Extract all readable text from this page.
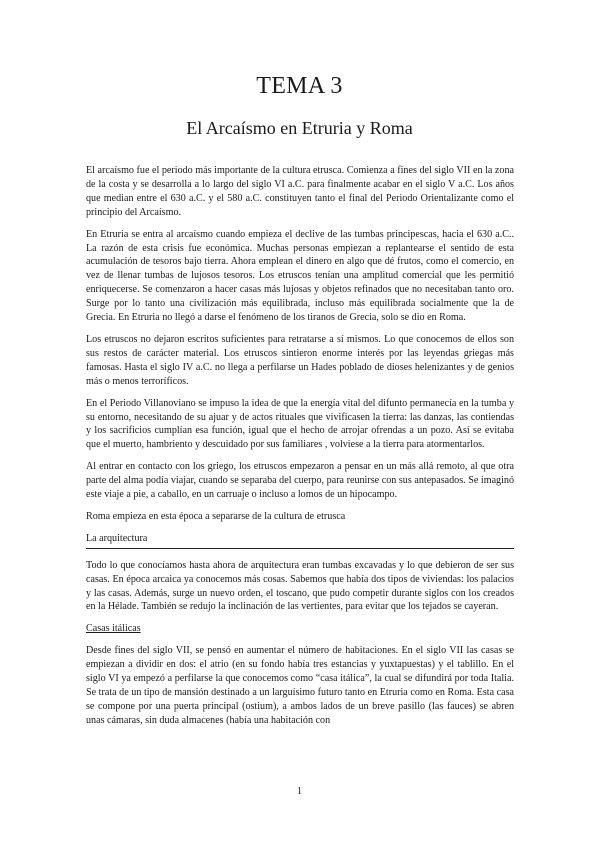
TEMA 3
El Arcaísmo en Etruria y Roma

El arcaísmo fue el periodo más importante de la cultura etrusca. Comienza a fines del siglo VII en la zona de la costa y se desarrolla a lo largo del siglo VI a.C. para finalmente acabar en el siglo V a.C. Los años que median entre el 630 a.C. y el 580 a.C. constituyen tanto el final del Periodo Orientalizante como el principio del Arcaísmo.

En Etruria se entra al arcaísmo cuando empieza el declive de las tumbas principescas, hacia el 630 a.C.. La razón de esta crisis fue económica. Muchas personas empiezan a replantearse el sentido de esta acumulación de tesoros bajo tierra. Ahora emplean el dinero en algo que dé frutos, como el comercio, en vez de llenar tumbas de lujosos tesoros. Los etruscos tenían una amplitud comercial que les permitió enriquecerse. Se comenzaron a hacer casas más lujosas y objetos refinados que no necesitaban tanto oro. Surge por lo tanto una civilización más equilibrada, incluso más equilibrada socialmente que la de Grecia. En Etruria no llegó a darse el fenómeno de los tiranos de Grecia, solo se dio en Roma.

Los etruscos no dejaron escritos suficientes para retratarse a sí mismos. Lo que conocemos de ellos son sus restos de carácter material. Los etruscos sintieron enorme interés por las leyendas griegas más famosas. Hasta el siglo IV a.C. no llega a perfilarse un Hades poblado de dioses helenizantes y de genios más o menos terroríficos.

En el Periodo Villanoviano se impuso la idea de que la energía vital del difunto permanecía en la tumba y su entorno, necesitando de su ajuar y de actos rituales que vivificasen la tierra: las danzas, las contiendas y los sacrificios cumplían esa función, igual que el hecho de arrojar ofrendas a un pozo. Así se evitaba que el muerto, hambriento y descuidado por sus familiares , volviese a la tierra para atormentarlos.

Al entrar en contacto con los griego, los etruscos empezaron a pensar en un más allá remoto, al que otra parte del alma podía viajar, cuando se separaba del cuerpo, para reunirse con sus antepasados. Se imaginó este viaje a pie, a caballo, en un carruaje o incluso a lomos de un hipocampo.

Roma empieza en esta época a separarse de la cultura de etrusca

La arquitectura

Todo lo que conocíamos hasta ahora de arquitectura eran tumbas excavadas y lo que debieron de ser sus casas. En época arcaica ya conocemos más cosas. Sabemos que había dos tipos de viviendas: los palacios y las casas. Además, surge un nuevo orden, el toscano, que pudo competir durante siglos con los creados en la Hélade. También se redujo la inclinación de las vertientes, para evitar que los tejados se cayeran.

Casas itálicas

Desde fines del siglo VII, se pensó en aumentar el número de habitaciones. En el siglo VII las casas se empiezan a dividir en dos: el atrio (en su fondo había tres estancias y yuxtapuestas) y el tablillo. En el siglo VI ya empezó a perfilarse la que conocemos como “casa itálica”, la cual se difundirá por toda Italia. Se trata de un tipo de mansión destinado a un larguísimo futuro tanto en Etruria como en Roma. Esta casa se compone por una puerta principal (ostium), a ambos lados de un breve pasillo (las fauces) se abren unas cámaras, sin duda almacenes (había una habitación con

1
